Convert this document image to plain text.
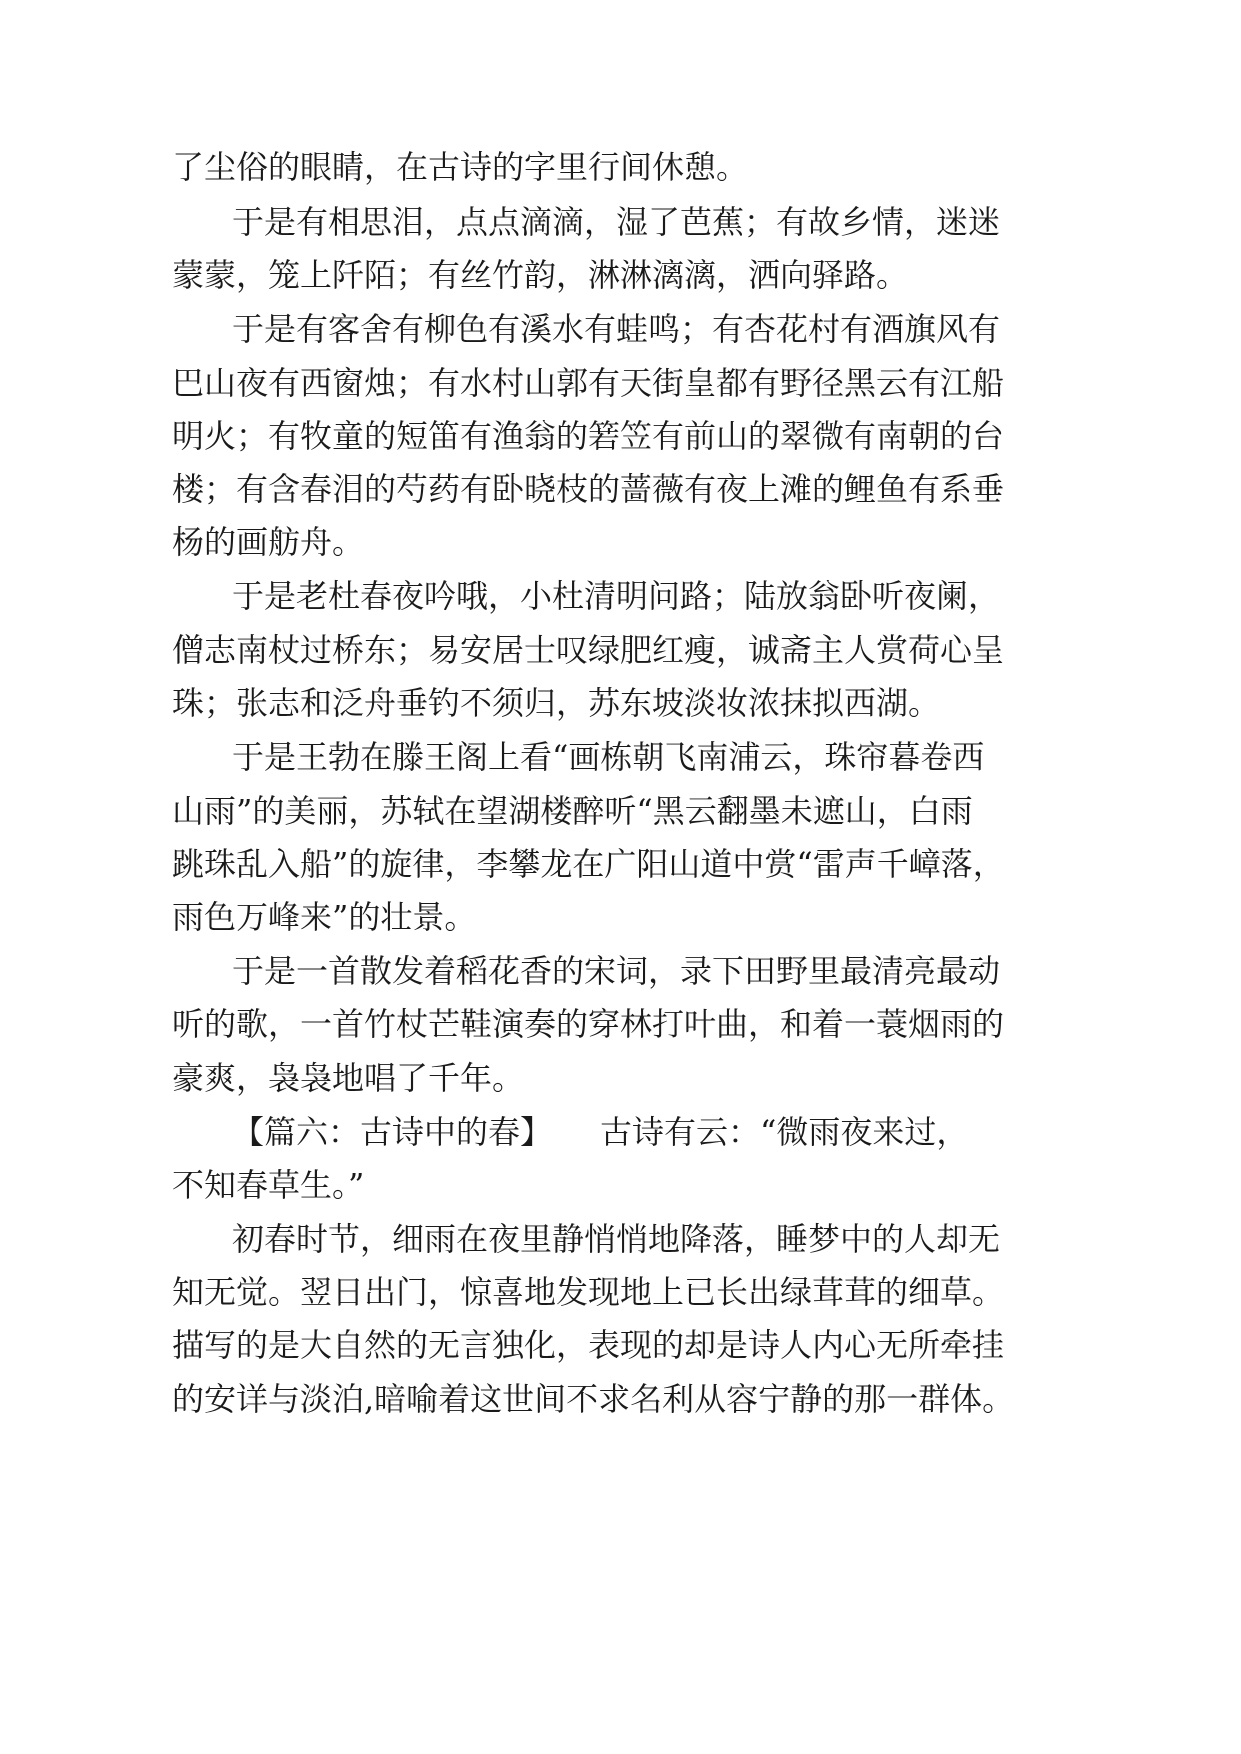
了尘俗的眼睛，在古诗的字里行间休憩。

于是有相思泪，点点滴滴，湿了芭蕉；有故乡情，迷迷

蒙蒙，笼上阡陌；有丝竹韵，淋淋漓漓，洒向驿路。

于是有客舍有柳色有溪水有蛙鸣；有杏花村有酒旗风有

巴山夜有西窗烛；有水村山郭有天街皇都有野径黑云有江船

明火；有牧童的短笛有渔翁的箬笠有前山的翠微有南朝的台

楼；有含春泪的芍药有卧晓枝的蔷薇有夜上滩的鲤鱼有系垂

杨的画舫舟。

于是老杜春夜吟哦，小杜清明问路；陆放翁卧听夜阑，

僧志南杖过桥东；易安居士叹绿肥红瘦，诚斋主人赏荷心呈

珠；张志和泛舟垂钓不须归，苏东坡淡妆浓抹拟西湖。

于是王勃在滕王阁上看“画栋朝飞南浦云，珠帘暮卷西

山雨”的美丽，苏轼在望湖楼醉听“黑云翻墨未遮山，白雨

跳珠乱入船”的旋律，李攀龙在广阳山道中赏“雷声千嶂落，

雨色万峰来”的壮景。

于是一首散发着稻花香的宋词，录下田野里最清亮最动

听的歌，一首竹杖芒鞋演奏的穿林打叶曲，和着一蓑烟雨的

豪爽，袅袅地唱了千年。

【篇六：古诗中的春】　　古诗有云：“微雨夜来过，

不知春草生。”

初春时节，细雨在夜里静悄悄地降落，睡梦中的人却无

知无觉。翌日出门，惊喜地发现地上已长出绿茸茸的细草。

描写的是大自然的无言独化，表现的却是诗人内心无所牵挂

的安详与淡泊,暗喻着这世间不求名利从容宁静的那一群体。
